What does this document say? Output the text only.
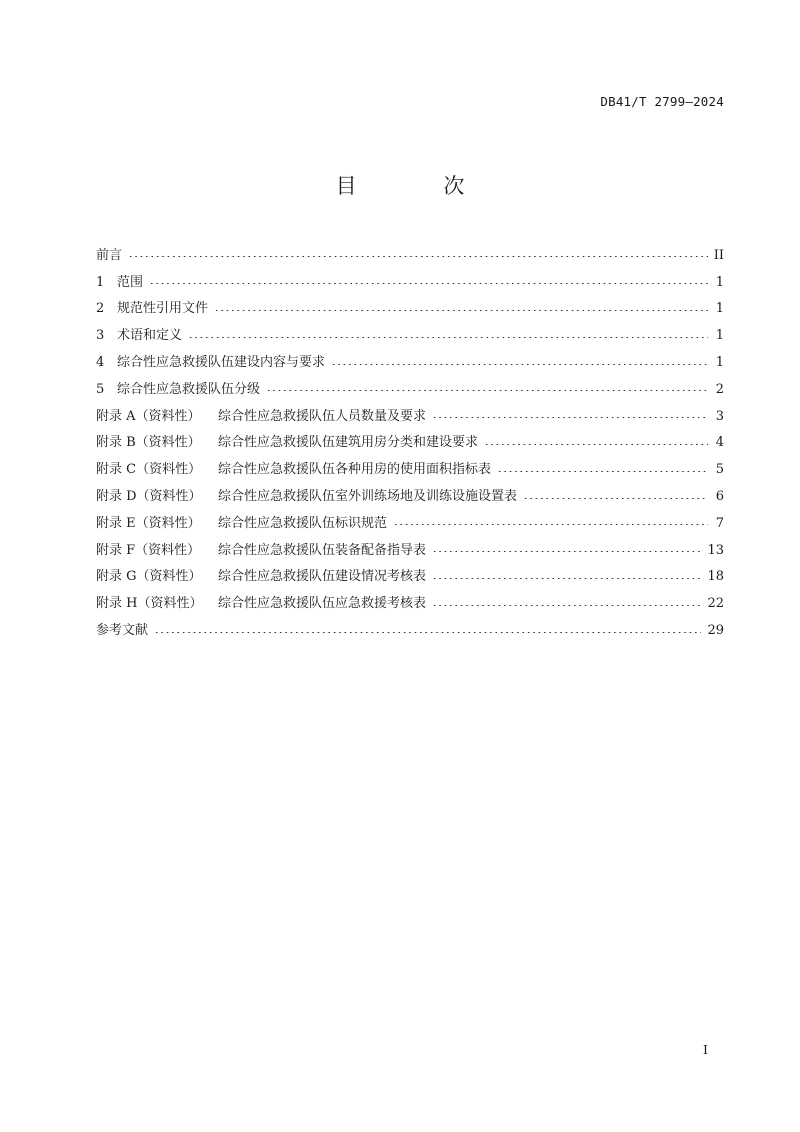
DB41/T 2799—2024
目 次
前言	II
1 范围	1
2 规范性引用文件	1
3 术语和定义	1
4 综合性应急救援队伍建设内容与要求	1
5 综合性应急救援队伍分级	2
附录 A（资料性）	综合性应急救援队伍人员数量及要求	3
附录 B（资料性）	综合性应急救援队伍建筑用房分类和建设要求	4
附录 C（资料性）	综合性应急救援队伍各种用房的使用面积指标表	5
附录 D（资料性）	综合性应急救援队伍室外训练场地及训练设施设置表	6
附录 E（资料性）	综合性应急救援队伍标识规范	7
附录 F（资料性）	综合性应急救援队伍装备配备指导表	13
附录 G（资料性）	综合性应急救援队伍建设情况考核表	18
附录 H（资料性）	综合性应急救援队伍应急救援考核表	22
参考文献	29
I
